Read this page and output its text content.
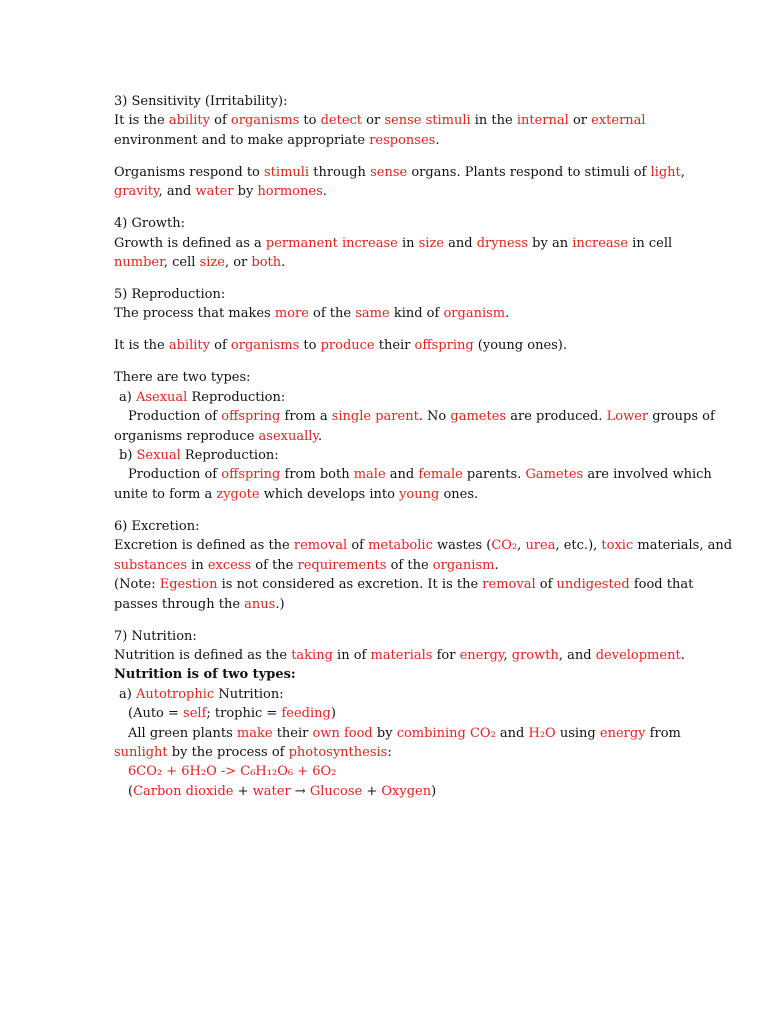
3) Sensitivity (Irritability):
It is the ability of organisms to detect or sense stimuli in the internal or external
environment and to make appropriate responses.
Organisms respond to stimuli through sense organs. Plants respond to stimuli of light,
gravity, and water by hormones.
4) Growth:
Growth is defined as a permanent increase in size and dryness by an increase in cell
number, cell size, or both.
5) Reproduction:
The process that makes more of the same kind of organism.
It is the ability of organisms to produce their offspring (young ones).
There are two types:
a) Asexual Reproduction:
Production of offspring from a single parent. No gametes are produced. Lower groups of
organisms reproduce asexually.
b) Sexual Reproduction:
Production of offspring from both male and female parents. Gametes are involved which
unite to form a zygote which develops into young ones.
6) Excretion:
Excretion is defined as the removal of metabolic wastes (CO₂, urea, etc.), toxic materials, and
substances in excess of the requirements of the organism.
(Note: Egestion is not considered as excretion. It is the removal of undigested food that
passes through the anus.)
7) Nutrition:
Nutrition is defined as the taking in of materials for energy, growth, and development.
Nutrition is of two types:
a) Autotrophic Nutrition:
(Auto = self; trophic = feeding)
All green plants make their own food by combining CO₂ and H₂O using energy from
sunlight by the process of photosynthesis:
6CO₂ + 6H₂O -> C₆H₁₂O₆ + 6O₂
(Carbon dioxide + water → Glucose + Oxygen)
